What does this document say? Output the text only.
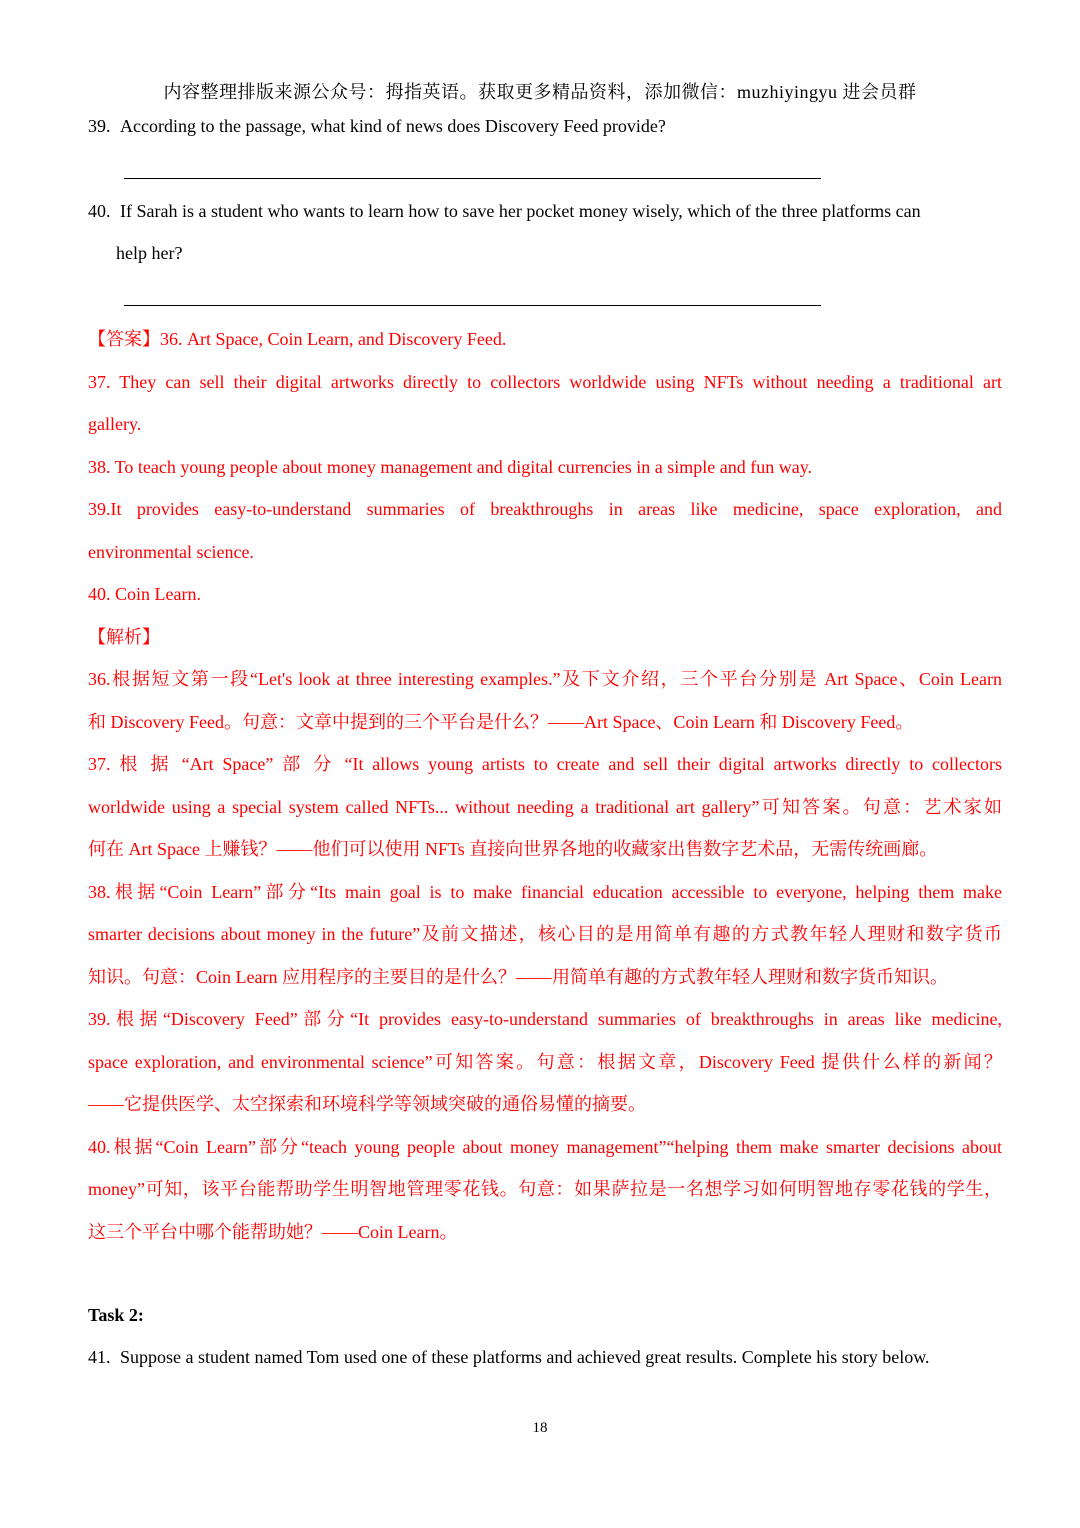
内容整理排版来源公众号：拇指英语。获取更多精品资料，添加微信：muzhiyingyu 进会员群
39. According to the passage, what kind of news does Discovery Feed provide?
40. If Sarah is a student who wants to learn how to save her pocket money wisely, which of the three platforms can
help her?

【答案】36. Art Space, Coin Learn, and Discovery Feed.

37. They can sell their digital artworks directly to collectors worldwide using NFTs without needing a traditional art

gallery.

38. To teach young people about money management and digital currencies in a simple and fun way.

39.It provides easy-to-understand summaries of breakthroughs in areas like medicine, space exploration, and

environmental science.

40. Coin Learn.

【解析】

36.根据短文第一段“Let's look at three interesting examples.”及下文介绍，三个平台分别是 Art Space、Coin Learn

和 Discovery Feed。句意：文章中提到的三个平台是什么？——Art Space、Coin Learn 和 Discovery Feed。

37. 根 据 “Art Space” 部 分 “It allows young artists to create and sell their digital artworks directly to collectors

worldwide using a special system called NFTs... without needing a traditional art gallery”可知答案。句意：艺术家如

何在 Art Space 上赚钱？——他们可以使用 NFTs 直接向世界各地的收藏家出售数字艺术品，无需传统画廊。

38.根据“Coin Learn”部分“Its main goal is to make financial education accessible to everyone, helping them make

smarter decisions about money in the future”及前文描述，核心目的是用简单有趣的方式教年轻人理财和数字货币

知识。句意：Coin Learn 应用程序的主要目的是什么？——用简单有趣的方式教年轻人理财和数字货币知识。

39.根据“Discovery Feed”部分“It provides easy-to-understand summaries of breakthroughs in areas like medicine,

space exploration, and environmental science”可知答案。句意：根据文章，Discovery Feed 提供什么样的新闻？

——它提供医学、太空探索和环境科学等领域突破的通俗易懂的摘要。

40.根据“Coin Learn”部分“teach young people about money management”“helping them make smarter decisions about

money”可知，该平台能帮助学生明智地管理零花钱。句意：如果萨拉是一名想学习如何明智地存零花钱的学生，

这三个平台中哪个能帮助她？——Coin Learn。

Task 2:
41. Suppose a student named Tom used one of these platforms and achieved great results. Complete his story below.
18
